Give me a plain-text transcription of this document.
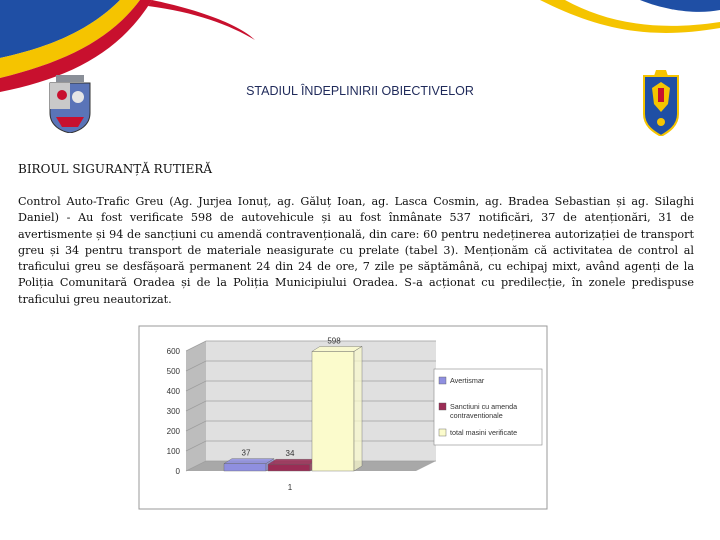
STADIUL ÎNDEPLINIRII OBIECTIVELOR
BIROUL SIGURANȚĂ RUTIERĂ

Control Auto-Trafic Greu (Ag. Jurjea Ionuț, ag. Găluț Ioan, ag. Lasca Cosmin, ag. Bradea Sebastian și ag. Silaghi Daniel) - Au fost verificate 598 de autovehicule și au fost înmânate 537 notificări, 37 de atenționări, 31 de avertismente și 94 de sancțiuni cu amendă contravențională, din care: 60 pentru nedeținerea autorizației de transport greu și 34 pentru transport de materiale neasigurate cu prelate (tabel 3). Menționăm că activitatea de control al traficului greu se desfășoară permanent 24 din 24 de ore, 7 zile pe săptămână, cu echipaj mixt, având agenți de la Poliția Comunitară Oradea și de la Poliția Municipiului Oradea. S-a acționat cu predilecție, în zonele predispuse traficului greu neautorizat.

0
100
200
300
400
500
600
37	34
598
1
Avertismar
Sanctiuni cu amenda contraventionale
total masini verificate
